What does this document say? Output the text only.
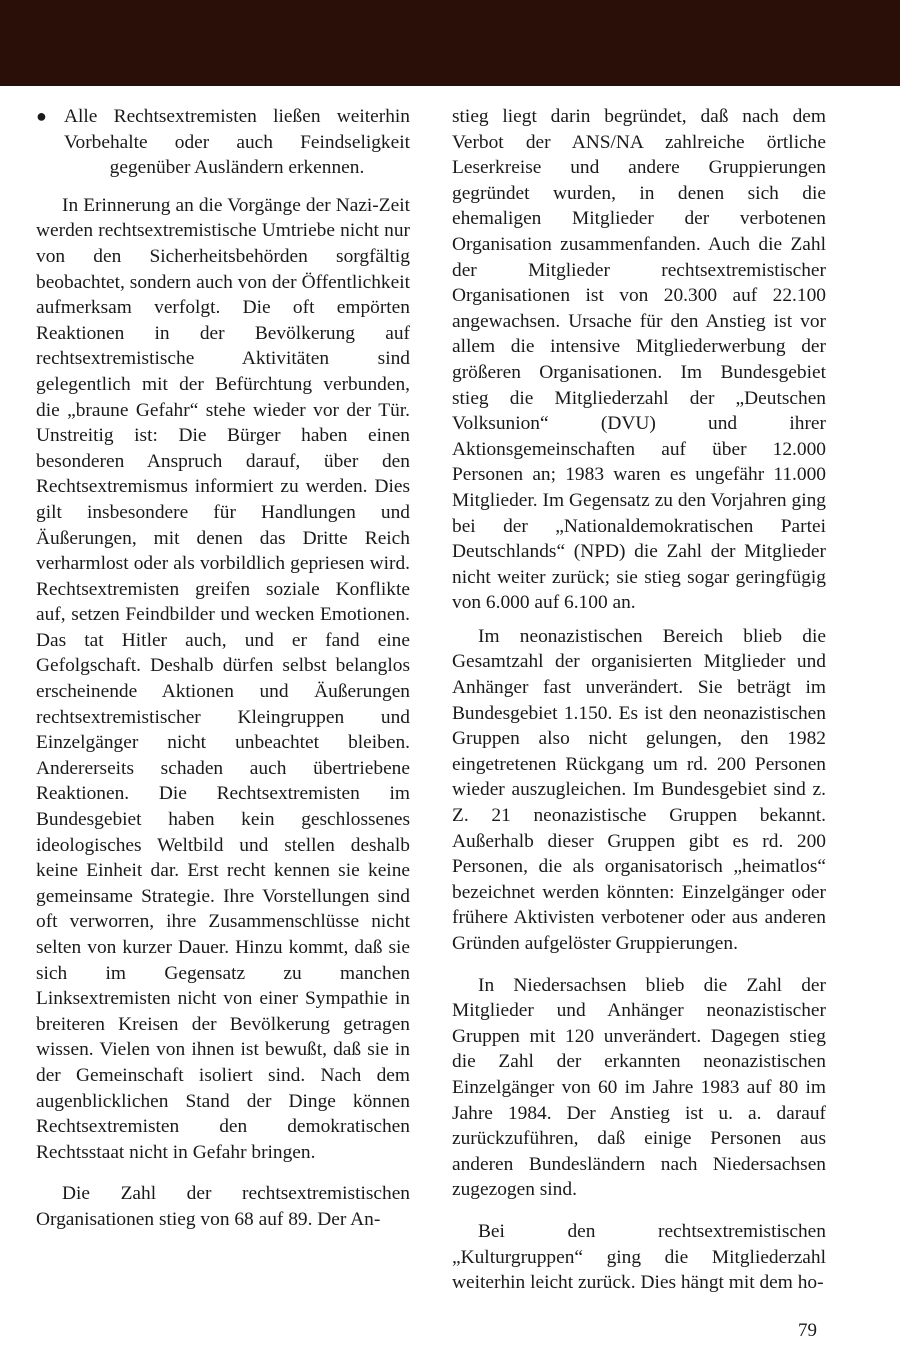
● Alle Rechtsextremisten ließen weiterhin Vorbehalte oder auch Feindseligkeit gegenüber Ausländern erkennen.

In Erinnerung an die Vorgänge der Nazi-Zeit werden rechtsextremistische Umtriebe nicht nur von den Sicherheitsbehörden sorgfältig beobachtet, sondern auch von der Öffentlichkeit aufmerksam verfolgt. Die oft empörten Reaktionen in der Bevölkerung auf rechtsextremistische Aktivitäten sind gelegentlich mit der Befürchtung verbunden, die „braune Gefahr“ stehe wieder vor der Tür. Unstreitig ist: Die Bürger haben einen besonderen Anspruch darauf, über den Rechtsextremismus informiert zu werden. Dies gilt insbesondere für Handlungen und Äußerungen, mit denen das Dritte Reich verharmlost oder als vorbildlich gepriesen wird. Rechtsextremisten greifen soziale Konflikte auf, setzen Feindbilder und wecken Emotionen. Das tat Hitler auch, und er fand eine Gefolgschaft. Deshalb dürfen selbst belanglos erscheinende Aktionen und Äußerungen rechtsextremistischer Kleingruppen und Einzelgänger nicht unbeachtet bleiben. Andererseits schaden auch übertriebene Reaktionen. Die Rechtsextremisten im Bundesgebiet haben kein geschlossenes ideologisches Weltbild und stellen deshalb keine Einheit dar. Erst recht kennen sie keine gemeinsame Strategie. Ihre Vorstellungen sind oft verworren, ihre Zusammenschlüsse nicht selten von kurzer Dauer. Hinzu kommt, daß sie sich im Gegensatz zu manchen Linksextremisten nicht von einer Sympathie in breiteren Kreisen der Bevölkerung getragen wissen. Vielen von ihnen ist bewußt, daß sie in der Gemeinschaft isoliert sind. Nach dem augenblicklichen Stand der Dinge können Rechtsextremisten den demokratischen Rechtsstaat nicht in Gefahr bringen.

Die Zahl der rechtsextremistischen Organisationen stieg von 68 auf 89. Der An-

stieg liegt darin begründet, daß nach dem Verbot der ANS/NA zahlreiche örtliche Leserkreise und andere Gruppierungen gegründet wurden, in denen sich die ehemaligen Mitglieder der verbotenen Organisation zusammenfanden. Auch die Zahl der Mitglieder rechtsextremistischer Organisationen ist von 20.300 auf 22.100 angewachsen. Ursache für den Anstieg ist vor allem die intensive Mitgliederwerbung der größeren Organisationen. Im Bundesgebiet stieg die Mitgliederzahl der „Deutschen Volksunion“ (DVU) und ihrer Aktionsgemeinschaften auf über 12.000 Personen an; 1983 waren es ungefähr 11.000 Mitglieder. Im Gegensatz zu den Vorjahren ging bei der „Nationaldemokratischen Partei Deutschlands“ (NPD) die Zahl der Mitglieder nicht weiter zurück; sie stieg sogar geringfügig von 6.000 auf 6.100 an.

Im neonazistischen Bereich blieb die Gesamtzahl der organisierten Mitglieder und Anhänger fast unverändert. Sie beträgt im Bundesgebiet 1.150. Es ist den neonazistischen Gruppen also nicht gelungen, den 1982 eingetretenen Rückgang um rd. 200 Personen wieder auszugleichen. Im Bundesgebiet sind z. Z. 21 neonazistische Gruppen bekannt. Außerhalb dieser Gruppen gibt es rd. 200 Personen, die als organisatorisch „heimatlos“ bezeichnet werden könnten: Einzelgänger oder frühere Aktivisten verbotener oder aus anderen Gründen aufgelöster Gruppierungen.

In Niedersachsen blieb die Zahl der Mitglieder und Anhänger neonazistischer Gruppen mit 120 unverändert. Dagegen stieg die Zahl der erkannten neonazistischen Einzelgänger von 60 im Jahre 1983 auf 80 im Jahre 1984. Der Anstieg ist u. a. darauf zurückzuführen, daß einige Personen aus anderen Bundesländern nach Niedersachsen zugezogen sind.

Bei den rechtsextremistischen „Kulturgruppen“ ging die Mitgliederzahl weiterhin leicht zurück. Dies hängt mit dem ho-

79
